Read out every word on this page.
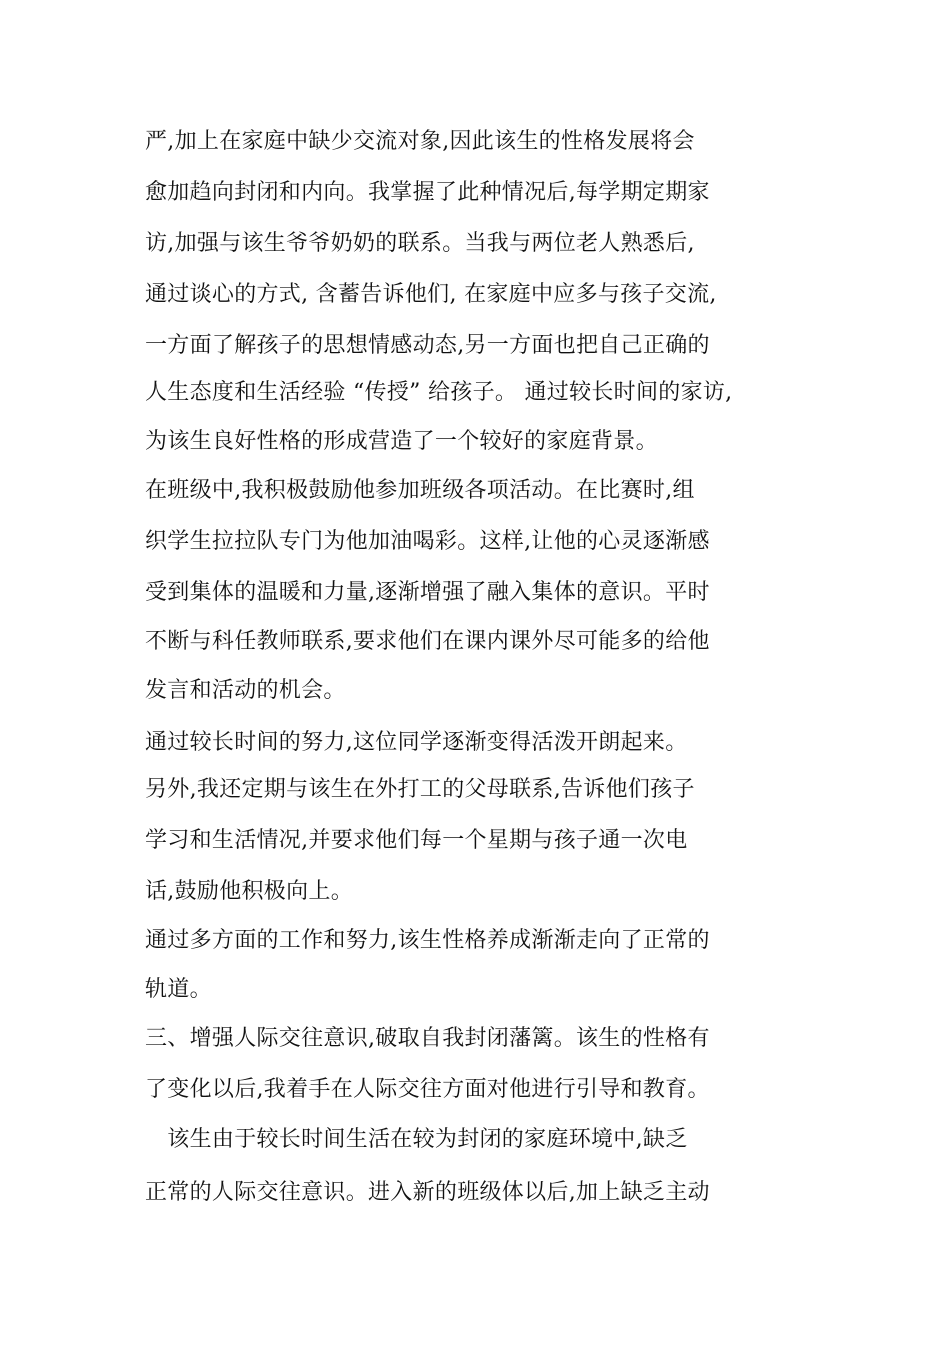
严,加上在家庭中缺少交流对象,因此该生的性格发展将会
愈加趋向封闭和内向。我掌握了此种情况后,每学期定期家
访,加强与该生爷爷奶奶的联系。当我与两位老人熟悉后,
通过谈心的方式, 含蓄告诉他们, 在家庭中应多与孩子交流,
一方面了解孩子的思想情感动态,另一方面也把自己正确的
人生态度和生活经验 “传授” 给孩子。 通过较长时间的家访,
为该生良好性格的形成营造了一个较好的家庭背景。
在班级中,我积极鼓励他参加班级各项活动。在比赛时,组
织学生拉拉队专门为他加油喝彩。这样,让他的心灵逐渐感
受到集体的温暖和力量,逐渐增强了融入集体的意识。平时
不断与科任教师联系,要求他们在课内课外尽可能多的给他
发言和活动的机会。
通过较长时间的努力,这位同学逐渐变得活泼开朗起来。
另外,我还定期与该生在外打工的父母联系,告诉他们孩子
学习和生活情况,并要求他们每一个星期与孩子通一次电
话,鼓励他积极向上。
通过多方面的工作和努力,该生性格养成渐渐走向了正常的
轨道。
三、增强人际交往意识,破取自我封闭藩篱。该生的性格有
了变化以后,我着手在人际交往方面对他进行引导和教育。
　该生由于较长时间生活在较为封闭的家庭环境中,缺乏
正常的人际交往意识。进入新的班级体以后,加上缺乏主动
